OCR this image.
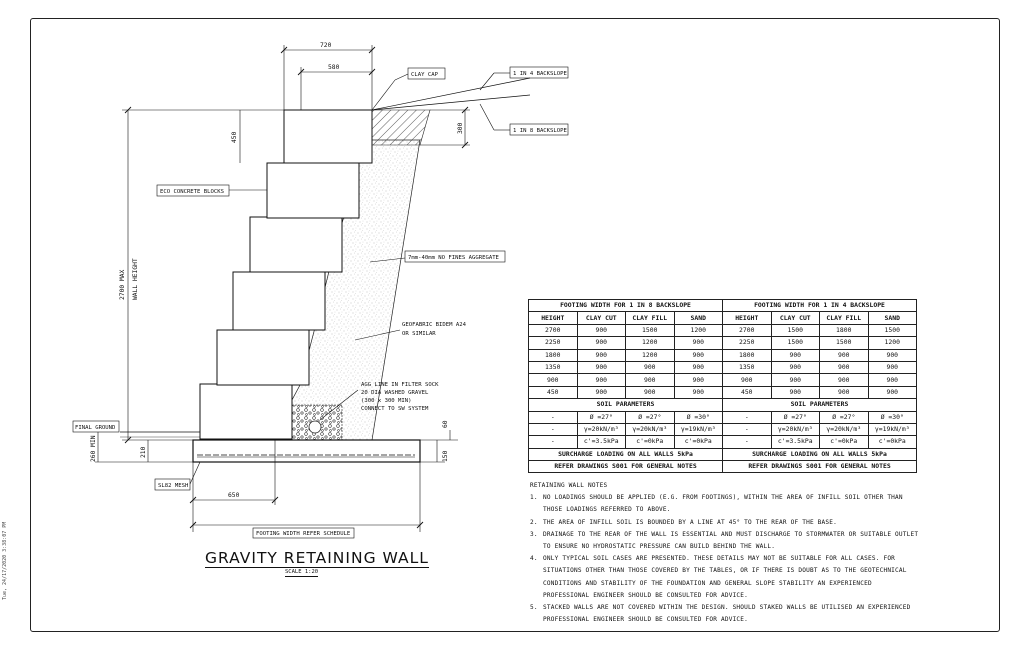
Tue, 24/17/2020 3:38:07 PM
720
580
450
300
60
150
210
260 MIN
650
2700 MAX WALL HEIGHT
CLAY CAP	1 IN 4 BACKSLOPE
1 IN 8 BACKSLOPE
ECO CONCRETE BLOCKS
7mm-40mm NO FINES AGGREGATE
GEOFABRIC BIDEM A24
OR SIMILAR
AGG LINE IN FILTER SOCK
20 DIA WASHED GRAVEL
(300 x 300 MIN)
CONNECT TO SW SYSTEM
FINAL GROUND
SL82 MESH
FOOTING WIDTH REFER SCHEDULE
GRAVITY RETAINING WALL
SCALE 1:20
FOOTING WIDTH FOR 1 IN 8 BACKSLOPE				FOOTING WIDTH FOR 1 IN 4 BACKSLOPE			
HEIGHT	CLAY CUT	CLAY FILL	SAND	HEIGHT	CLAY CUT	CLAY FILL	SAND
2700	900	1500	1200	2700	1500	1800	1500
2250	900	1200	900	2250	1500	1500	1200
1800	900	1200	900	1800	900	900	900
1350	900	900	900	1350	900	900	900
900	900	900	900	900	900	900	900
450	900	900	900	450	900	900	900
SOIL PARAMETERS				SOIL PARAMETERS			
-	Ø =27°	Ø =27°	Ø =30°	-	Ø =27°	Ø =27°	Ø =30°
-	γ=20kN/m³	γ=20kN/m³	γ=19kN/m³	-	γ=20kN/m³	γ=20kN/m³	γ=19kN/m³
-	c'=3.5kPa	c'=0kPa	c'=0kPa	-	c'=3.5kPa	c'=0kPa	c'=0kPa
SURCHARGE LOADING ON ALL WALLS 5kPa				SURCHARGE LOADING ON ALL WALLS 5kPa			
REFER DRAWINGS S001 FOR GENERAL NOTES				REFER DRAWINGS S001 FOR GENERAL NOTES			
RETAINING WALL NOTES
1. NO LOADINGS SHOULD BE APPLIED (E.G. FROM FOOTINGS), WITHIN THE AREA OF INFILL SOIL OTHER THAN THOSE LOADINGS REFERRED TO ABOVE.
2. THE AREA OF INFILL SOIL IS BOUNDED BY A LINE AT 45° TO THE REAR OF THE BASE.
3. DRAINAGE TO THE REAR OF THE WALL IS ESSENTIAL AND MUST DISCHARGE TO STORMWATER OR SUITABLE OUTLET TO ENSURE NO HYDROSTATIC PRESSURE CAN BUILD BEHIND THE WALL.
4. ONLY TYPICAL SOIL CASES ARE PRESENTED. THESE DETAILS MAY NOT BE SUITABLE FOR ALL CASES. FOR SITUATIONS OTHER THAN THOSE COVERED BY THE TABLES, OR IF THERE IS DOUBT AS TO THE GEOTECHNICAL CONDITIONS AND STABILITY OF THE FOUNDATION AND GENERAL SLOPE STABILITY AN EXPERIENCED PROFESSIONAL ENGINEER SHOULD BE CONSULTED FOR ADVICE.
5. STACKED WALLS ARE NOT COVERED WITHIN THE DESIGN. SHOULD STAKED WALLS BE UTILISED AN EXPERIENCED PROFESSIONAL ENGINEER SHOULD BE CONSULTED FOR ADVICE.
